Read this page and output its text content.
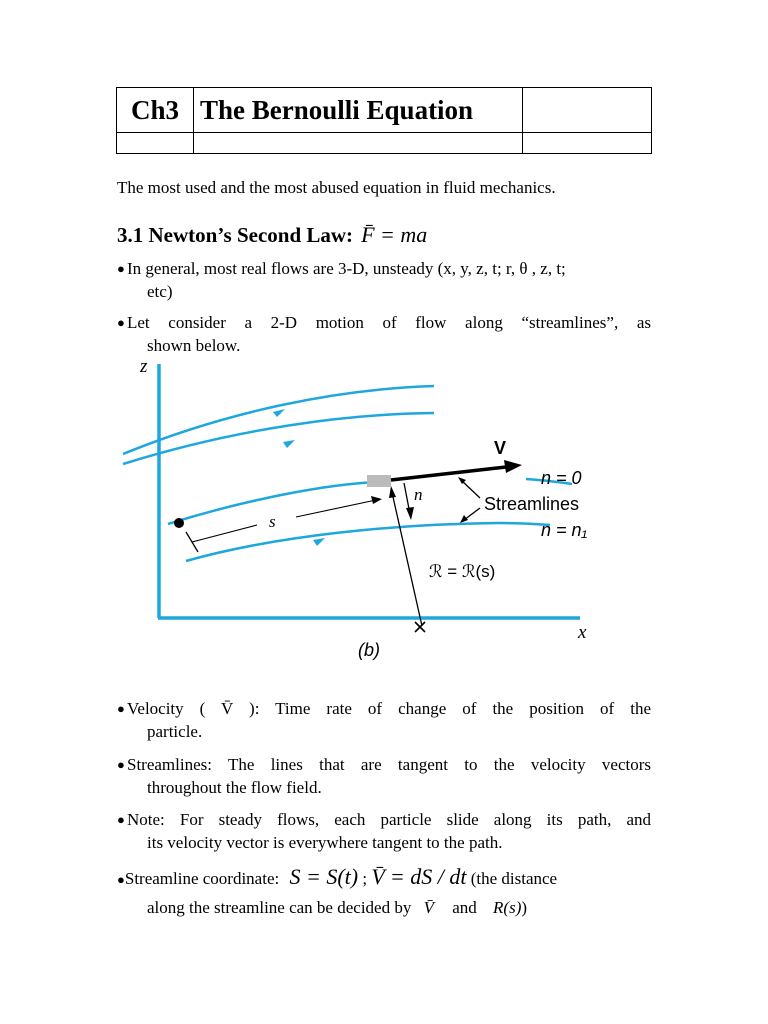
Ch3	The Bernoulli Equation	

The most used and the most abused equation in fluid mechanics.
3.1 Newton’s Second Law: F̄ = ma
● In general, most real flows are 3-D, unsteady (x, y, z, t; r, θ , z, t;
etc)
● Let consider a 2-D motion of flow along “streamlines”, as
shown below.
z
x
V
n
ℛ = ℛ(s)
s
n = 0
Streamlines
n = n₁
(b)
● Velocity ( V̄ ): Time rate of change of the position of the
particle.
● Streamlines: The lines that are tangent to the velocity vectors
throughout the flow field.
● Note: For steady flows, each particle slide along its path, and
its velocity vector is everywhere tangent to the path.
●Streamline coordinate: S = S(t) ; V̄ = dS / dt (the distance
along the streamline can be decided by V̄ and R(s))
